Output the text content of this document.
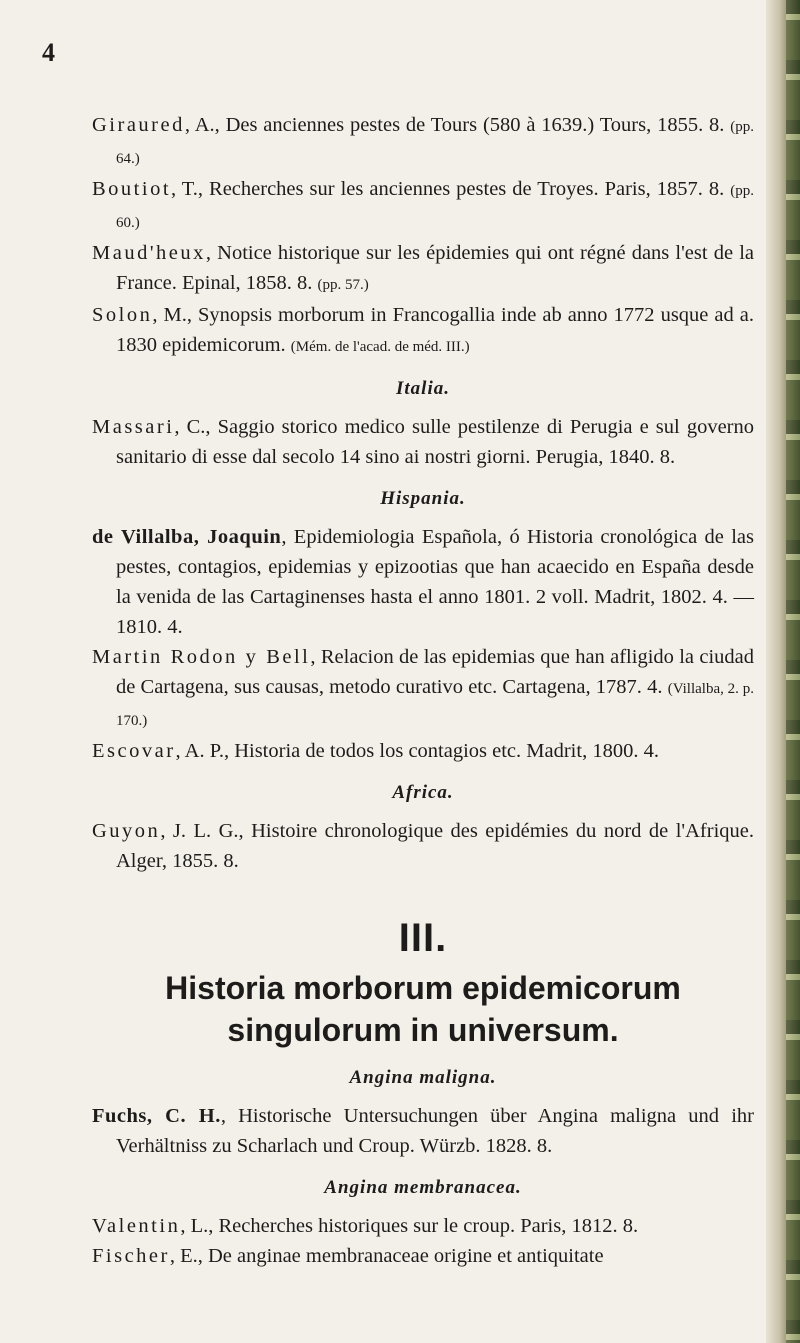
4

Giraured, A., Des anciennes pestes de Tours (580 à 1639.) Tours, 1855. 8. (pp. 64.)

Boutiot, T., Recherches sur les anciennes pestes de Troyes. Paris, 1857. 8. (pp. 60.)

Maud'heux, Notice historique sur les épidemies qui ont régné dans l'est de la France. Epinal, 1858. 8. (pp. 57.)

Solon, M., Synopsis morborum in Francogallia inde ab anno 1772 usque ad a. 1830 epidemicorum. (Mém. de l'acad. de méd. III.)

Italia.

Massari, C., Saggio storico medico sulle pestilenze di Perugia e sul governo sanitario di esse dal secolo 14 sino ai nostri giorni. Perugia, 1840. 8.

Hispania.

de Villalba, Joaquin, Epidemiologia Española, ó Historia cronológica de las pestes, contagios, epidemias y epizootias que han acaecido en España desde la venida de las Cartaginenses hasta el anno 1801. 2 voll. Madrit, 1802. 4. — 1810. 4.

Martin Rodon y Bell, Relacion de las epidemias que han afligido la ciudad de Cartagena, sus causas, metodo curativo etc. Cartagena, 1787. 4. (Villalba, 2. p. 170.)

Escovar, A. P., Historia de todos los contagios etc. Madrit, 1800. 4.

Africa.

Guyon, J. L. G., Histoire chronologique des epidémies du nord de l'Afrique. Alger, 1855. 8.

III.
Historia morborum epidemicorum singulorum in universum.
Angina maligna.

Fuchs, C. H., Historische Untersuchungen über Angina maligna und ihr Verhältniss zu Scharlach und Croup. Würzb. 1828. 8.

Angina membranacea.

Valentin, L., Recherches historiques sur le croup. Paris, 1812. 8.

Fischer, E., De anginae membranaceae origine et antiquitate
